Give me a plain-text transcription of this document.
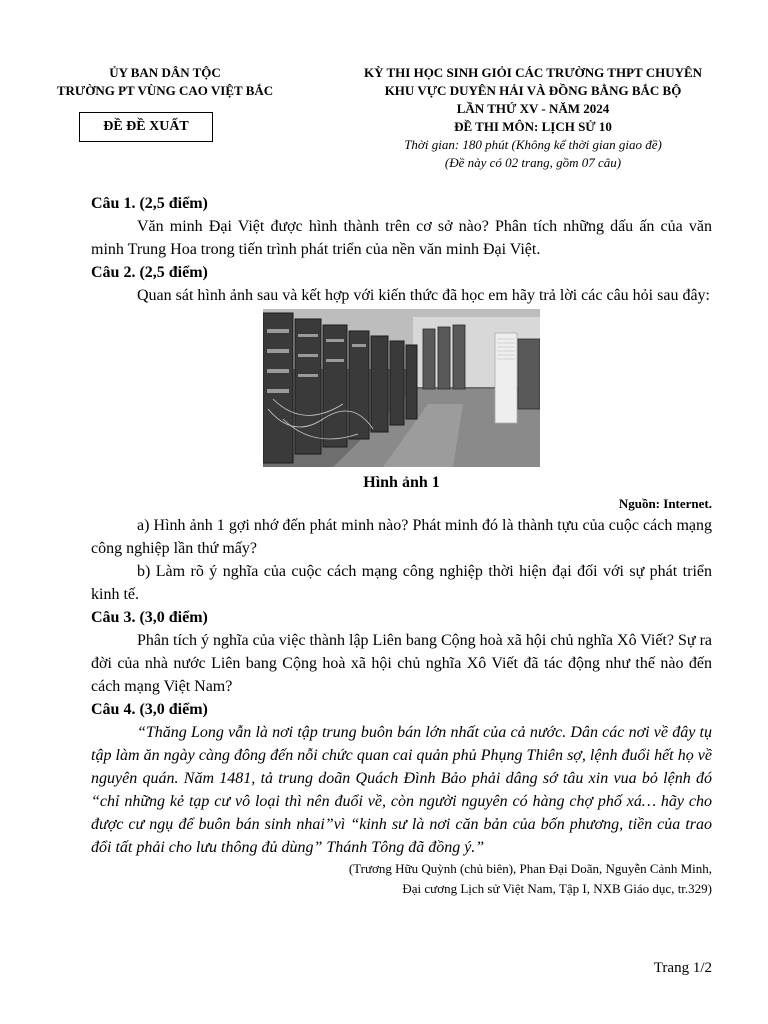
ỦY BAN DÂN TỘC
TRƯỜNG PT VÙNG CAO VIỆT BẮC
ĐỀ ĐỀ XUẤT
KỲ THI HỌC SINH GIỎI CÁC TRƯỜNG THPT CHUYÊN
KHU VỰC DUYÊN HẢI VÀ ĐỒNG BẰNG BẮC BỘ
LẦN THỨ XV - NĂM 2024
ĐỀ THI MÔN: LỊCH SỬ 10
Thời gian: 180 phút (Không kể thời gian giao đề)
(Đề này có 02 trang, gồm 07 câu)

Câu 1. (2,5 điểm)

Văn minh Đại Việt được hình thành trên cơ sở nào? Phân tích những dấu ấn của văn minh Trung Hoa trong tiến trình phát triển của nền văn minh Đại Việt.

Câu 2. (2,5 điểm)

Quan sát hình ảnh sau và kết hợp với kiến thức đã học em hãy trả lời các câu hỏi sau đây:

Hình ảnh 1

Nguồn: Internet.

a) Hình ảnh 1 gợi nhớ đến phát minh nào? Phát minh đó là thành tựu của cuộc cách mạng công nghiệp lần thứ mấy?

b) Làm rõ ý nghĩa của cuộc cách mạng công nghiệp thời hiện đại đối với sự phát triển kinh tế.

Câu 3. (3,0 điểm)

Phân tích ý nghĩa của việc thành lập Liên bang Cộng hoà xã hội chủ nghĩa Xô Viết? Sự ra đời của nhà nước Liên bang Cộng hoà xã hội chủ nghĩa Xô Viết đã tác động như thế nào đến cách mạng Việt Nam?

Câu 4. (3,0 điểm)

“Thăng Long vẫn là nơi tập trung buôn bán lớn nhất của cả nước. Dân các nơi về đây tụ tập làm ăn ngày càng đông đến nỗi chức quan cai quản phủ Phụng Thiên sợ, lệnh đuổi hết họ về nguyên quán. Năm 1481, tả trung doãn Quách Đình Bảo phải dâng sớ tâu xin vua bỏ lệnh đó “chỉ những kẻ tạp cư vô loại thì nên đuổi về, còn người nguyên có hàng chợ phố xá… hãy cho được cư ngụ để buôn bán sinh nhai”vì “kinh sư là nơi căn bản của bốn phương, tiền của trao đổi tất phải cho lưu thông đủ dùng” Thánh Tông đã đồng ý.”

(Trương Hữu Quỳnh (chủ biên), Phan Đại Doãn, Nguyễn Cảnh Minh,

Đại cương Lịch sử Việt Nam, Tập I, NXB Giáo dục, tr.329)

Trang 1/2
